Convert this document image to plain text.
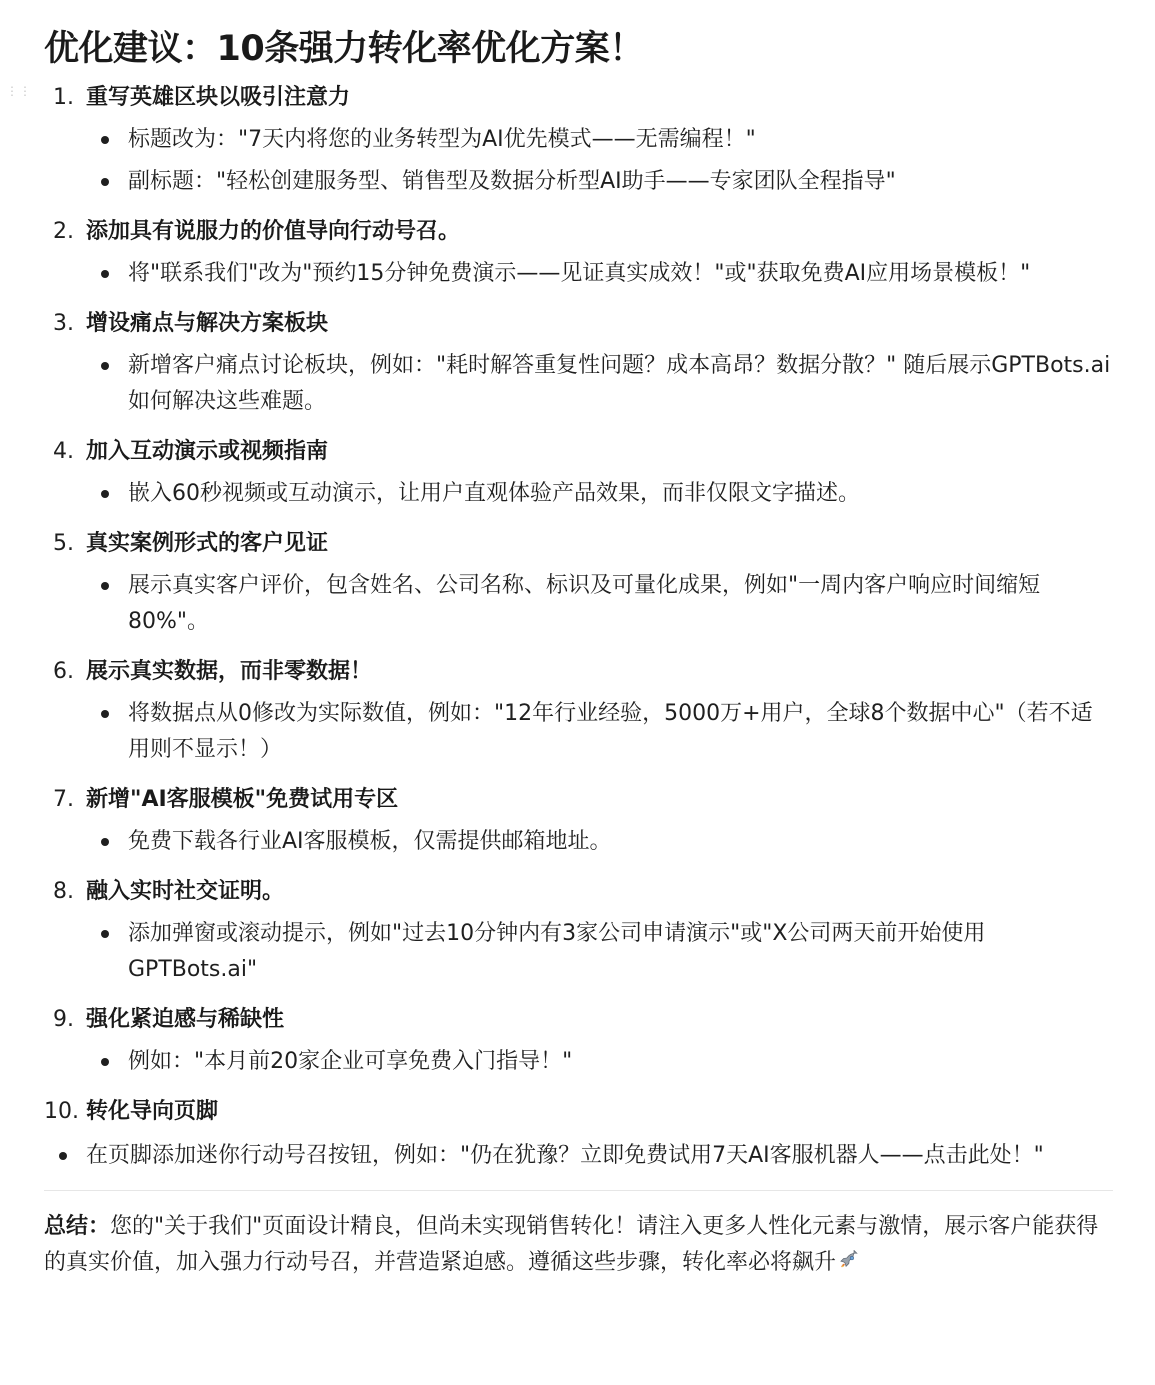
⋮⋮
优化建议：10条强力转化率优化方案！
1. 重写英雄区块以吸引注意力
标题改为："7天内将您的业务转型为AI优先模式——无需编程！"
副标题："轻松创建服务型、销售型及数据分析型AI助手——专家团队全程指导"
2. 添加具有说服力的价值导向行动号召。
将"联系我们"改为"预约15分钟免费演示——见证真实成效！"或"获取免费AI应用场景模板！"
3. 增设痛点与解决方案板块
新增客户痛点讨论板块，例如："耗时解答重复性问题？成本高昂？数据分散？" 随后展示GPTBots.ai如何解决这些难题。
4. 加入互动演示或视频指南
嵌入60秒视频或互动演示，让用户直观体验产品效果，而非仅限文字描述。
5. 真实案例形式的客户见证
展示真实客户评价，包含姓名、公司名称、标识及可量化成果，例如"一周内客户响应时间缩短80%"。
6. 展示真实数据，而非零数据！
将数据点从0修改为实际数值，例如："12年行业经验，5000万+用户，全球8个数据中心"（若不适用则不显示！）
7. 新增"AI客服模板"免费试用专区
免费下载各行业AI客服模板，仅需提供邮箱地址。
8. 融入实时社交证明。
添加弹窗或滚动提示，例如"过去10分钟内有3家公司申请演示"或"X公司两天前开始使用GPTBots.ai"
9. 强化紧迫感与稀缺性
例如："本月前20家企业可享免费入门指导！"
10. 转化导向页脚
在页脚添加迷你行动号召按钮，例如："仍在犹豫？立即免费试用7天AI客服机器人——点击此处！"

总结：您的"关于我们"页面设计精良，但尚未实现销售转化！请注入更多人性化元素与激情，展示客户能获得的真实价值，加入强力行动号召，并营造紧迫感。遵循这些步骤，转化率必将飙升
